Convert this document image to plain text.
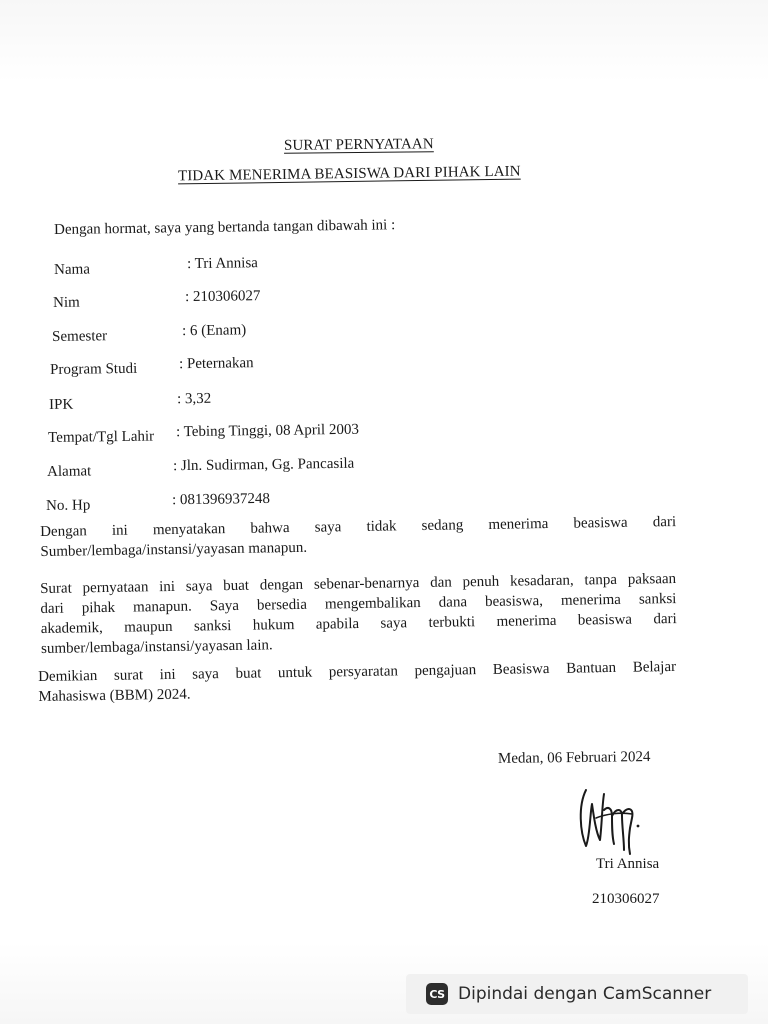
SURAT PERNYATAAN
TIDAK MENERIMA BEASISWA DARI PIHAK LAIN
Dengan hormat, saya yang bertanda tangan dibawah ini :
Nama	: Tri Annisa
Nim	: 210306027
Semester	: 6 (Enam)
Program Studi	: Peternakan
IPK	: 3,32
Tempat/Tgl Lahir : Tebing Tinggi, 08 April 2003
Alamat	: Jln. Sudirman, Gg. Pancasila
No. Hp	: 081396937248
Dengan ini menyatakan bahwa saya tidak sedang menerima beasiswa dari
Sumber/lembaga/instansi/yayasan manapun.
Surat pernyataan ini saya buat dengan sebenar-benarnya dan penuh kesadaran, tanpa paksaan
dari pihak manapun. Saya bersedia mengembalikan dana beasiswa, menerima sanksi
akademik, maupun sanksi hukum apabila saya terbukti menerima beasiswa dari
sumber/lembaga/instansi/yayasan lain.
Demikian surat ini saya buat untuk persyaratan pengajuan Beasiswa Bantuan Belajar
Mahasiswa (BBM) 2024.
Medan, 06 Februari 2024
Tri Annisa
210306027
CS Dipindai dengan CamScanner
